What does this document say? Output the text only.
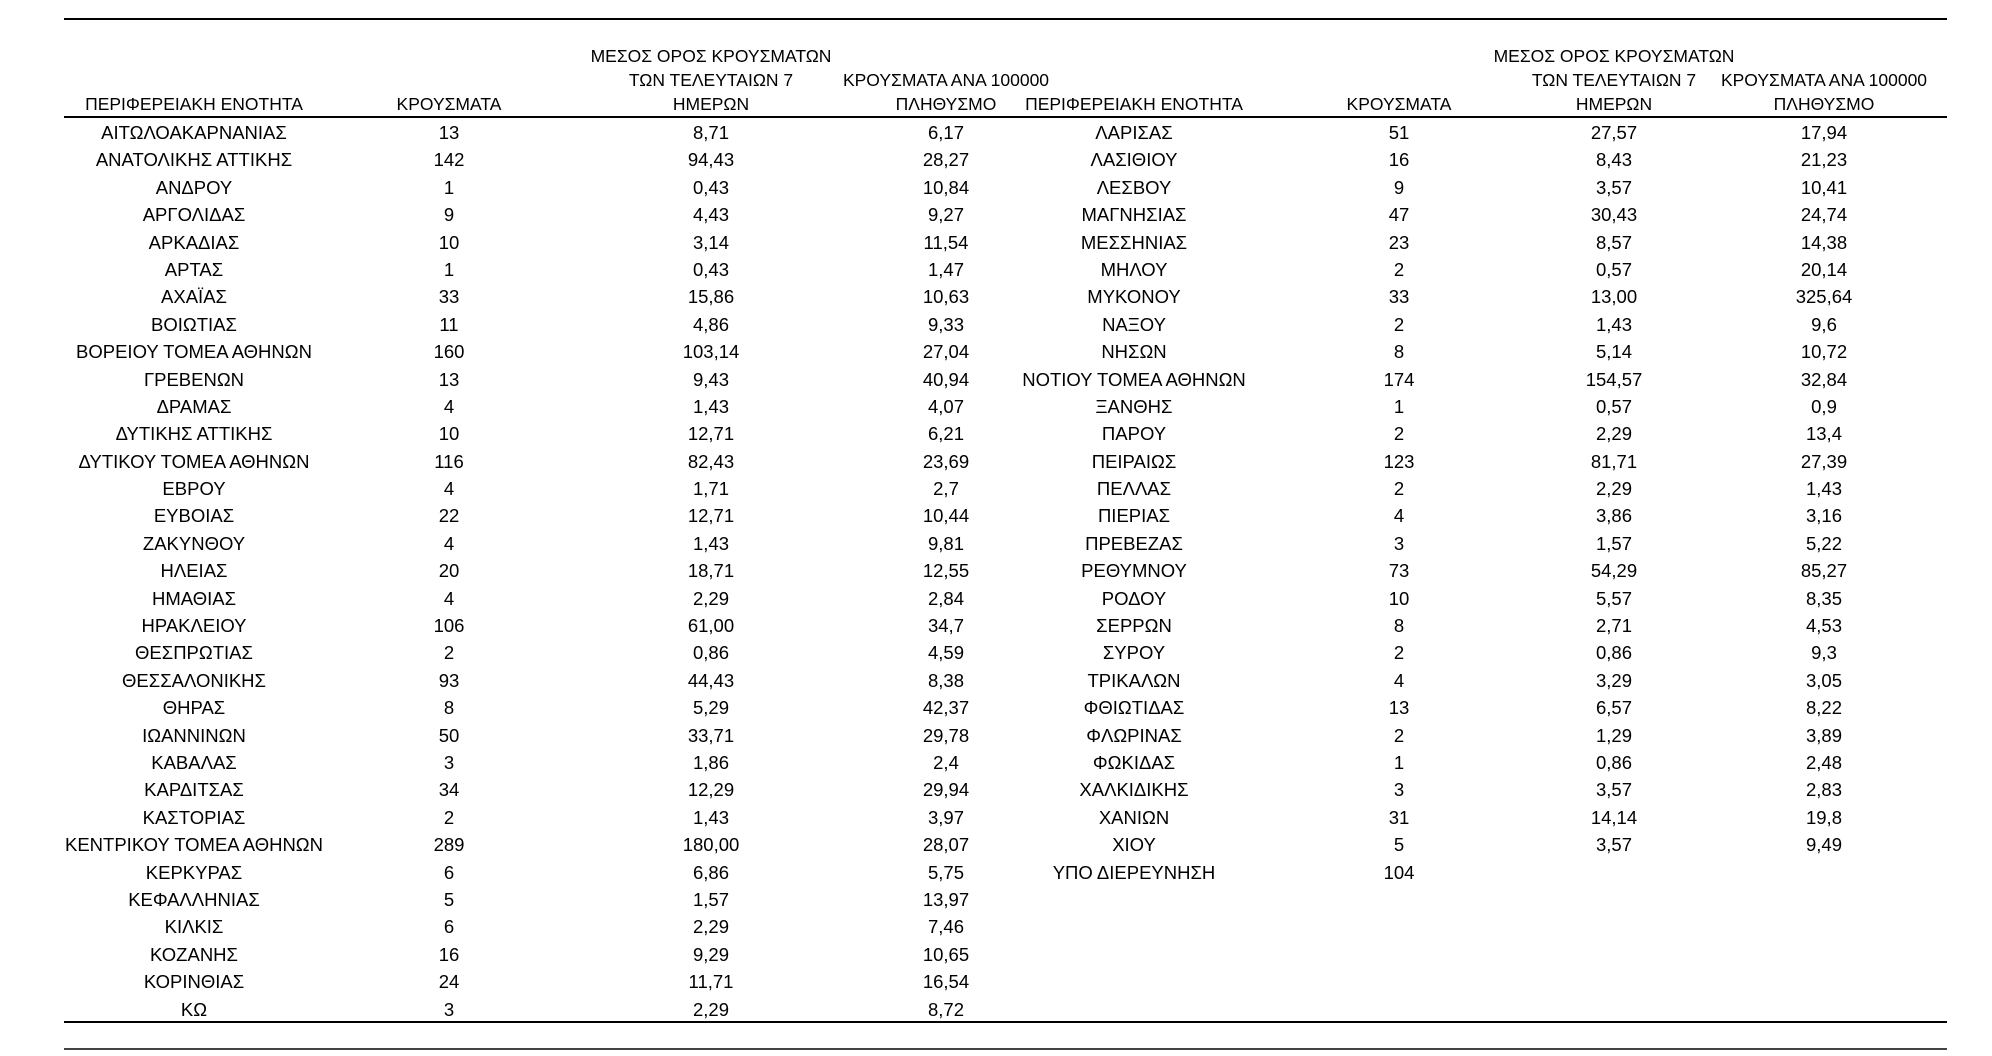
ΠΕΡΙΦΕΡΕΙΑΚΗ ΕΝΟΤΗΤΑ	ΚΡΟΥΣΜΑΤΑ
ΜΕΣΟΣ ΟΡΟΣ ΚΡΟΥΣΜΑΤΩΝ
ΤΩΝ ΤΕΛΕΥΤΑΙΩΝ 7
ΗΜΕΡΩΝ
ΚΡΟΥΣΜΑΤΑ ΑΝΑ 100000
ΠΛΗΘΥΣΜΟ
ΑΙΤΩΛΟΑΚΑΡΝΑΝΙΑΣ	13	8,71	6,17
ΑΝΑΤΟΛΙΚΗΣ ΑΤΤΙΚΗΣ	142	94,43	28,27
ΑΝΔΡΟΥ	1	0,43	10,84
ΑΡΓΟΛΙΔΑΣ	9	4,43	9,27
ΑΡΚΑΔΙΑΣ	10	3,14	11,54
ΑΡΤΑΣ	1	0,43	1,47
ΑΧΑΪΑΣ	33	15,86	10,63
ΒΟΙΩΤΙΑΣ	11	4,86	9,33
ΒΟΡΕΙΟΥ ΤΟΜΕΑ ΑΘΗΝΩΝ	160	103,14	27,04
ΓΡΕΒΕΝΩΝ	13	9,43	40,94
ΔΡΑΜΑΣ	4	1,43	4,07
ΔΥΤΙΚΗΣ ΑΤΤΙΚΗΣ	10	12,71	6,21
ΔΥΤΙΚΟΥ ΤΟΜΕΑ ΑΘΗΝΩΝ	116	82,43	23,69
ΕΒΡΟΥ	4	1,71	2,7
ΕΥΒΟΙΑΣ	22	12,71	10,44
ΖΑΚΥΝΘΟΥ	4	1,43	9,81
ΗΛΕΙΑΣ	20	18,71	12,55
ΗΜΑΘΙΑΣ	4	2,29	2,84
ΗΡΑΚΛΕΙΟΥ	106	61,00	34,7
ΘΕΣΠΡΩΤΙΑΣ	2	0,86	4,59
ΘΕΣΣΑΛΟΝΙΚΗΣ	93	44,43	8,38
ΘΗΡΑΣ	8	5,29	42,37
ΙΩΑΝΝΙΝΩΝ	50	33,71	29,78
ΚΑΒΑΛΑΣ	3	1,86	2,4
ΚΑΡΔΙΤΣΑΣ	34	12,29	29,94
ΚΑΣΤΟΡΙΑΣ	2	1,43	3,97
ΚΕΝΤΡΙΚΟΥ ΤΟΜΕΑ ΑΘΗΝΩΝ	289	180,00	28,07
ΚΕΡΚΥΡΑΣ	6	6,86	5,75
ΚΕΦΑΛΛΗΝΙΑΣ	5	1,57	13,97
ΚΙΛΚΙΣ	6	2,29	7,46
ΚΟΖΑΝΗΣ	16	9,29	10,65
ΚΟΡΙΝΘΙΑΣ	24	11,71	16,54
ΚΩ	3	2,29	8,72
ΠΕΡΙΦΕΡΕΙΑΚΗ ΕΝΟΤΗΤΑ	ΚΡΟΥΣΜΑΤΑ
ΜΕΣΟΣ ΟΡΟΣ ΚΡΟΥΣΜΑΤΩΝ
ΤΩΝ ΤΕΛΕΥΤΑΙΩΝ 7
ΗΜΕΡΩΝ
ΚΡΟΥΣΜΑΤΑ ΑΝΑ 100000
ΠΛΗΘΥΣΜΟ
ΛΑΡΙΣΑΣ	51	27,57	17,94
ΛΑΣΙΘΙΟΥ	16	8,43	21,23
ΛΕΣΒΟΥ	9	3,57	10,41
ΜΑΓΝΗΣΙΑΣ	47	30,43	24,74
ΜΕΣΣΗΝΙΑΣ	23	8,57	14,38
ΜΗΛΟΥ	2	0,57	20,14
ΜΥΚΟΝΟΥ	33	13,00	325,64
ΝΑΞΟΥ	2	1,43	9,6
ΝΗΣΩΝ	8	5,14	10,72
ΝΟΤΙΟΥ ΤΟΜΕΑ ΑΘΗΝΩΝ	174	154,57	32,84
ΞΑΝΘΗΣ	1	0,57	0,9
ΠΑΡΟΥ	2	2,29	13,4
ΠΕΙΡΑΙΩΣ	123	81,71	27,39
ΠΕΛΛΑΣ	2	2,29	1,43
ΠΙΕΡΙΑΣ	4	3,86	3,16
ΠΡΕΒΕΖΑΣ	3	1,57	5,22
ΡΕΘΥΜΝΟΥ	73	54,29	85,27
ΡΟΔΟΥ	10	5,57	8,35
ΣΕΡΡΩΝ	8	2,71	4,53
ΣΥΡΟΥ	2	0,86	9,3
ΤΡΙΚΑΛΩΝ	4	3,29	3,05
ΦΘΙΩΤΙΔΑΣ	13	6,57	8,22
ΦΛΩΡΙΝΑΣ	2	1,29	3,89
ΦΩΚΙΔΑΣ	1	0,86	2,48
ΧΑΛΚΙΔΙΚΗΣ	3	3,57	2,83
ΧΑΝΙΩΝ	31	14,14	19,8
ΧΙΟΥ	5	3,57	9,49
ΥΠΟ ΔΙΕΡΕΥΝΗΣΗ	104
